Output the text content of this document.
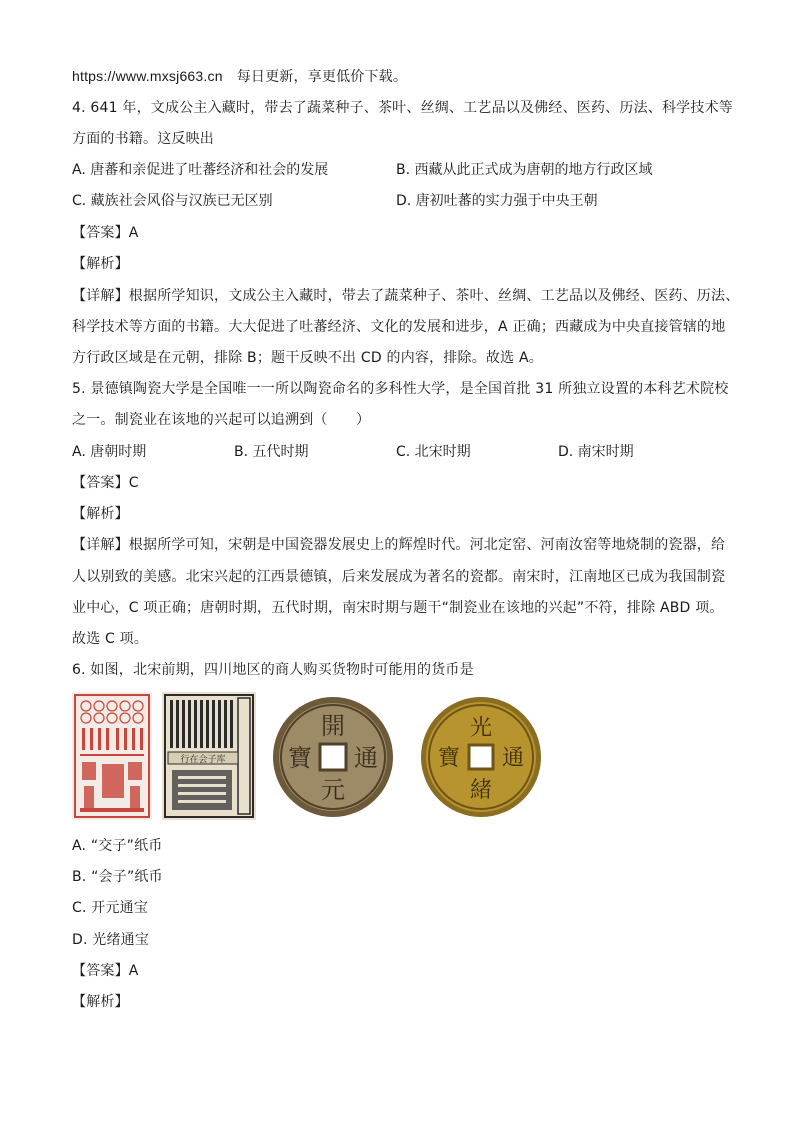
https://www.mxsj663.cn 每日更新，享更低价下载。
4. 641 年，文成公主入藏时，带去了蔬菜种子、茶叶、丝绸、工艺品以及佛经、医药、历法、科学技术等
方面的书籍。这反映出
A. 唐蕃和亲促进了吐蕃经济和社会的发展	B. 西藏从此正式成为唐朝的地方行政区域
C. 藏族社会风俗与汉族已无区别	D. 唐初吐蕃的实力强于中央王朝
【答案】A
【解析】
【详解】根据所学知识，文成公主入藏时，带去了蔬菜种子、茶叶、丝绸、工艺品以及佛经、医药、历法、
科学技术等方面的书籍。大大促进了吐蕃经济、文化的发展和进步，A 正确；西藏成为中央直接管辖的地
方行政区域是在元朝，排除 B；题干反映不出 CD 的内容，排除。故选 A。
5. 景德镇陶瓷大学是全国唯一一所以陶瓷命名的多科性大学，是全国首批 31 所独立设置的本科艺术院校
之一。制瓷业在该地的兴起可以追溯到（　　）
A. 唐朝时期	B. 五代时期	C. 北宋时期	D. 南宋时期
【答案】C
【解析】
【详解】根据所学可知，宋朝是中国瓷器发展史上的辉煌时代。河北定窑、河南汝窑等地烧制的瓷器，给
人以别致的美感。北宋兴起的江西景德镇，后来发展成为著名的瓷都。南宋时，江南地区已成为我国制瓷
业中心，C 项正确；唐朝时期，五代时期，南宋时期与题干“制瓷业在该地的兴起”不符，排除 ABD 项。
故选 C 项。
6. 如图，北宋前期，四川地区的商人购买货物时可能用的货币是
行在会子库
開
元
通
寶
光
緒
通
寶
A. “交子”纸币
B. “会子”纸币
C. 开元通宝
D. 光绪通宝
【答案】A
【解析】
